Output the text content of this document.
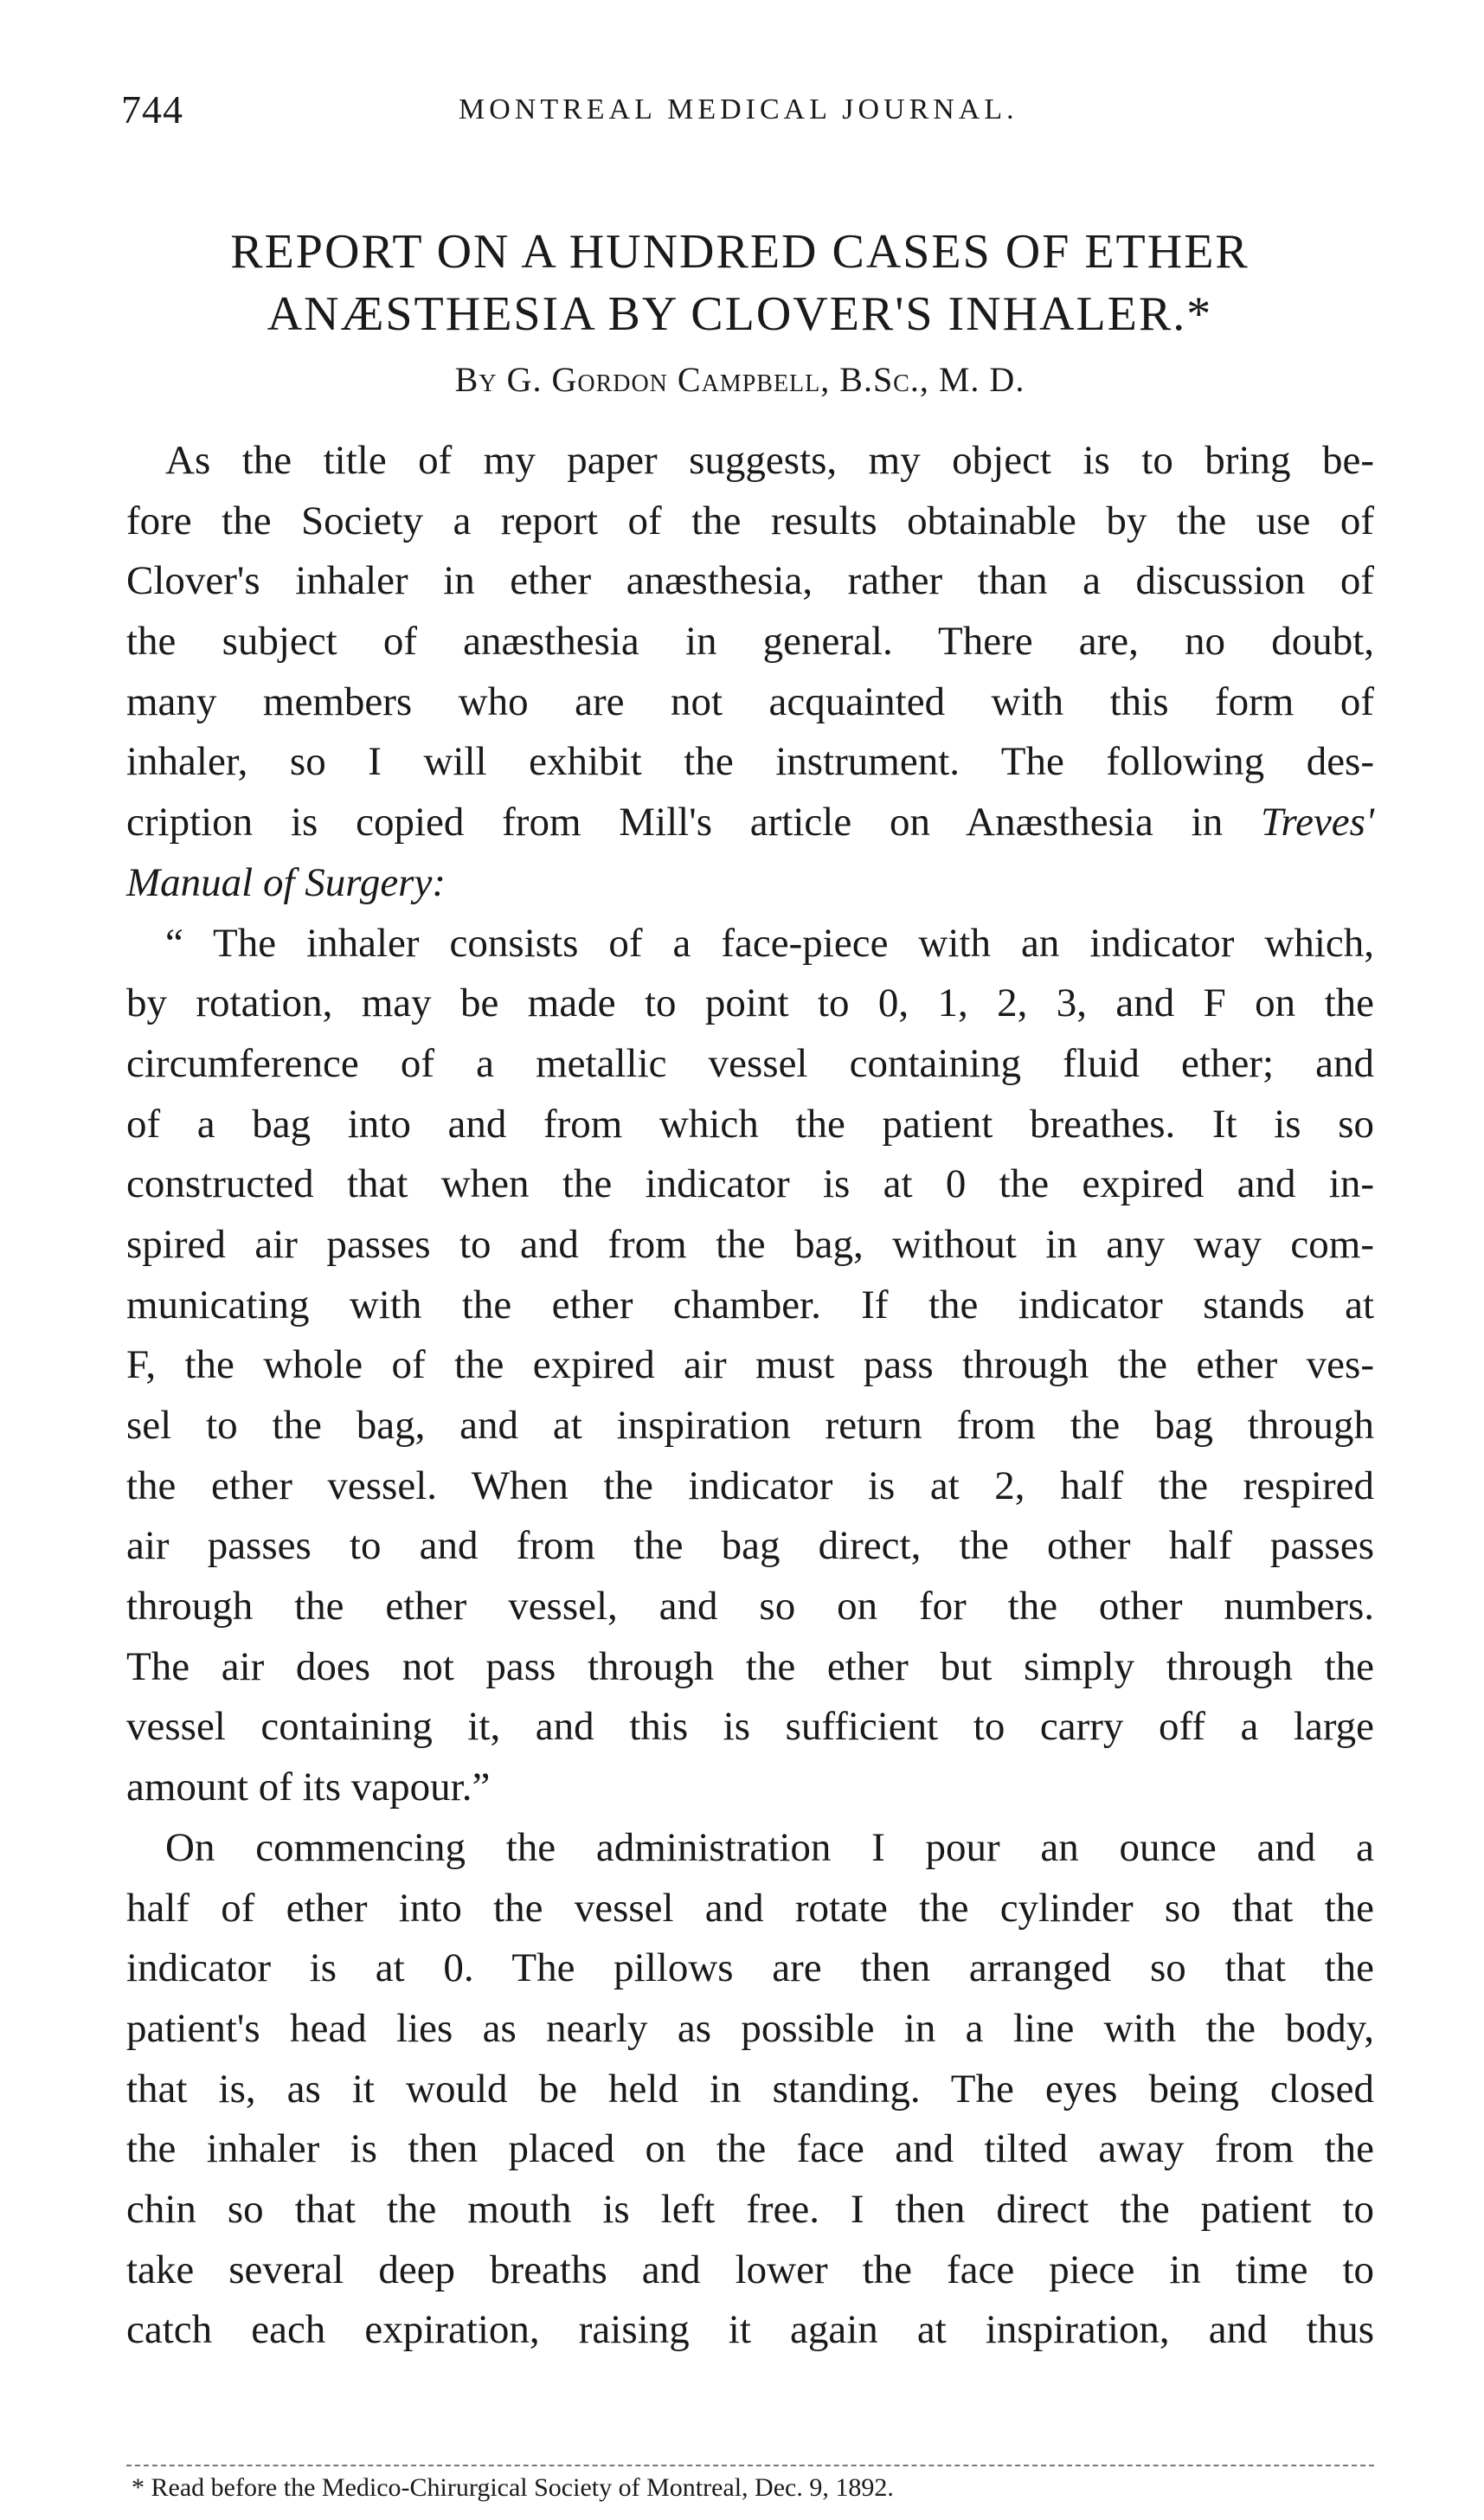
744	MONTREAL MEDICAL JOURNAL.
REPORT ON A HUNDRED CASES OF ETHER
ANÆSTHESIA BY CLOVER'S INHALER.*
By G. Gordon Campbell, B.Sc., M. D.
As the title of my paper suggests, my object is to bring be-
fore the Society a report of the results obtainable by the use of
Clover's inhaler in ether anæsthesia, rather than a discussion of
the subject of anæsthesia in general. There are, no doubt,
many members who are not acquainted with this form of
inhaler, so I will exhibit the instrument. The following des-
cription is copied from Mill's article on Anæsthesia in Treves'
Manual of Surgery:
“ The inhaler consists of a face-piece with an indicator which,
by rotation, may be made to point to 0, 1, 2, 3, and F on the
circumference of a metallic vessel containing fluid ether; and
of a bag into and from which the patient breathes. It is so
constructed that when the indicator is at 0 the expired and in-
spired air passes to and from the bag, without in any way com-
municating with the ether chamber. If the indicator stands at
F, the whole of the expired air must pass through the ether ves-
sel to the bag, and at inspiration return from the bag through
the ether vessel. When the indicator is at 2, half the respired
air passes to and from the bag direct, the other half passes
through the ether vessel, and so on for the other numbers.
The air does not pass through the ether but simply through the
vessel containing it, and this is sufficient to carry off a large
amount of its vapour.”
On commencing the administration I pour an ounce and a
half of ether into the vessel and rotate the cylinder so that the
indicator is at 0. The pillows are then arranged so that the
patient's head lies as nearly as possible in a line with the body,
that is, as it would be held in standing. The eyes being closed
the inhaler is then placed on the face and tilted away from the
chin so that the mouth is left free. I then direct the patient to
take several deep breaths and lower the face piece in time to
catch each expiration, raising it again at inspiration, and thus
* Read before the Medico-Chirurgical Society of Montreal, Dec. 9, 1892.
